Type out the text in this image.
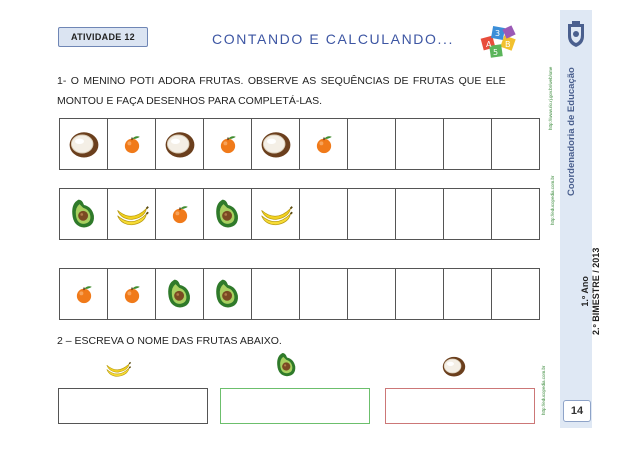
ATIVIDADE 12	CONTANDO E CALCULANDO...	A
3
B
5
1- O MENINO POTI ADORA FRUTAS. OBSERVE AS SEQUÊNCIAS DE FRUTAS QUE ELE
MONTOU E FAÇA DESENHOS PARA COMPLETÁ-LAS.
2 – ESCREVA O NOME DAS FRUTAS ABAIXO.
Coordenadoria de Educação
1.º Ano 2.º BIMESTRE / 2013
http://www.rio.rj.gov.br/web/sme
http://educopedia.com.br
http://educopedia.com.br	14
